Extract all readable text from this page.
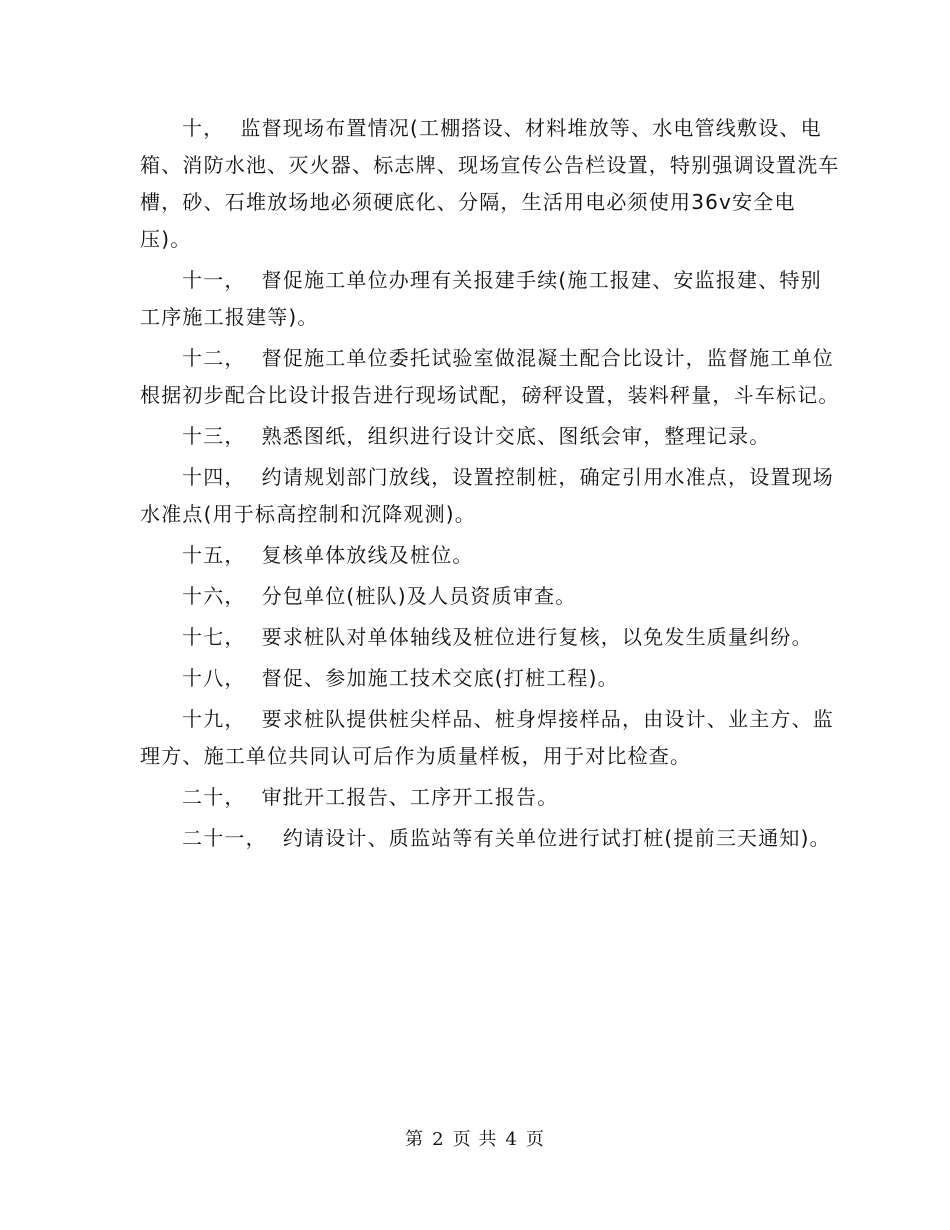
十， 监督现场布置情况(工棚搭设、材料堆放等、水电管线敷设、电箱、消防水池、灭火器、标志牌、现场宣传公告栏设置，特别强调设置洗车槽，砂、石堆放场地必须硬底化、分隔，生活用电必须使用36v安全电压)。

十一， 督促施工单位办理有关报建手续(施工报建、安监报建、特别工序施工报建等)。

十二， 督促施工单位委托试验室做混凝土配合比设计，监督施工单位根据初步配合比设计报告进行现场试配，磅秤设置，装料秤量，斗车标记。

十三， 熟悉图纸，组织进行设计交底、图纸会审，整理记录。

十四， 约请规划部门放线，设置控制桩，确定引用水准点，设置现场水准点(用于标高控制和沉降观测)。

十五， 复核单体放线及桩位。

十六， 分包单位(桩队)及人员资质审查。

十七， 要求桩队对单体轴线及桩位进行复核，以免发生质量纠纷。

十八， 督促、参加施工技术交底(打桩工程)。

十九， 要求桩队提供桩尖样品、桩身焊接样品，由设计、业主方、监理方、施工单位共同认可后作为质量样板，用于对比检查。

二十， 审批开工报告、工序开工报告。

二十一， 约请设计、质监站等有关单位进行试打桩(提前三天通知)。

第 2 页 共 4 页
